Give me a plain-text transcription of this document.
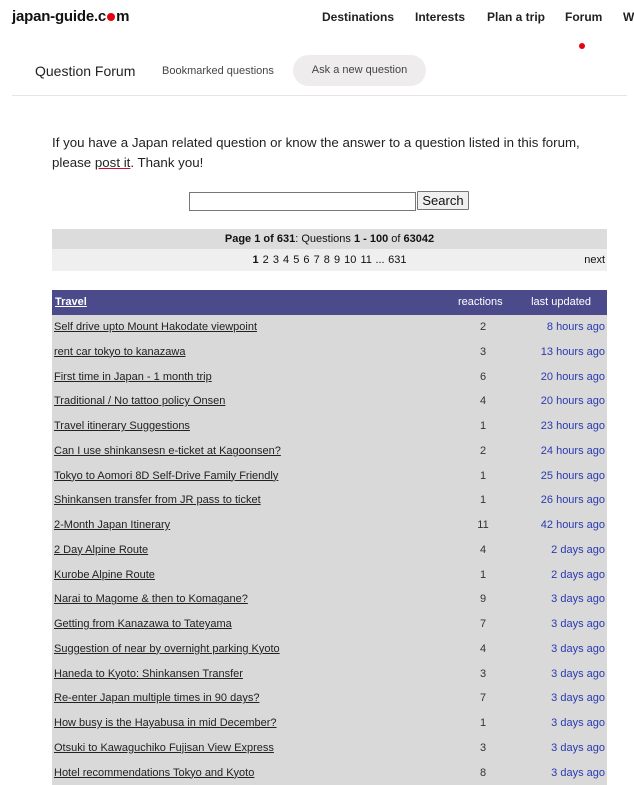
japan-guide.c m	Destinations Interests Plan a trip Forum W
Question Forum Bookmarked questions	Ask a new question
If you have a Japan related question or know the answer to a question listed in this forum, please post it. Thank you!
Search
Page 1 of 631: Questions 1 - 100 of 63042
1 2 3 4 5 6 7 8 9 10 11 ... 631	next
Travel	reactions	last updated
Self drive upto Mount Hakodate viewpoint	2	8 hours ago
rent car tokyo to kanazawa	3	13 hours ago
First time in Japan - 1 month trip	6	20 hours ago
Traditional / No tattoo policy Onsen	4	20 hours ago
Travel itinerary Suggestions	1	23 hours ago
Can I use shinkansesn e-ticket at Kagoonsen?	2	24 hours ago
Tokyo to Aomori 8D Self-Drive Family Friendly	1	25 hours ago
Shinkansen transfer from JR pass to ticket	1	26 hours ago
2-Month Japan Itinerary	11	42 hours ago
2 Day Alpine Route	4	2 days ago
Kurobe Alpine Route	1	2 days ago
Narai to Magome & then to Komagane?	9	3 days ago
Getting from Kanazawa to Tateyama	7	3 days ago
Suggestion of near by overnight parking Kyoto	4	3 days ago
Haneda to Kyoto: Shinkansen Transfer	3	3 days ago
Re-enter Japan multiple times in 90 days?	7	3 days ago
How busy is the Hayabusa in mid December?	1	3 days ago
Otsuki to Kawaguchiko Fujisan View Express	3	3 days ago
Hotel recommendations Tokyo and Kyoto	8	3 days ago
